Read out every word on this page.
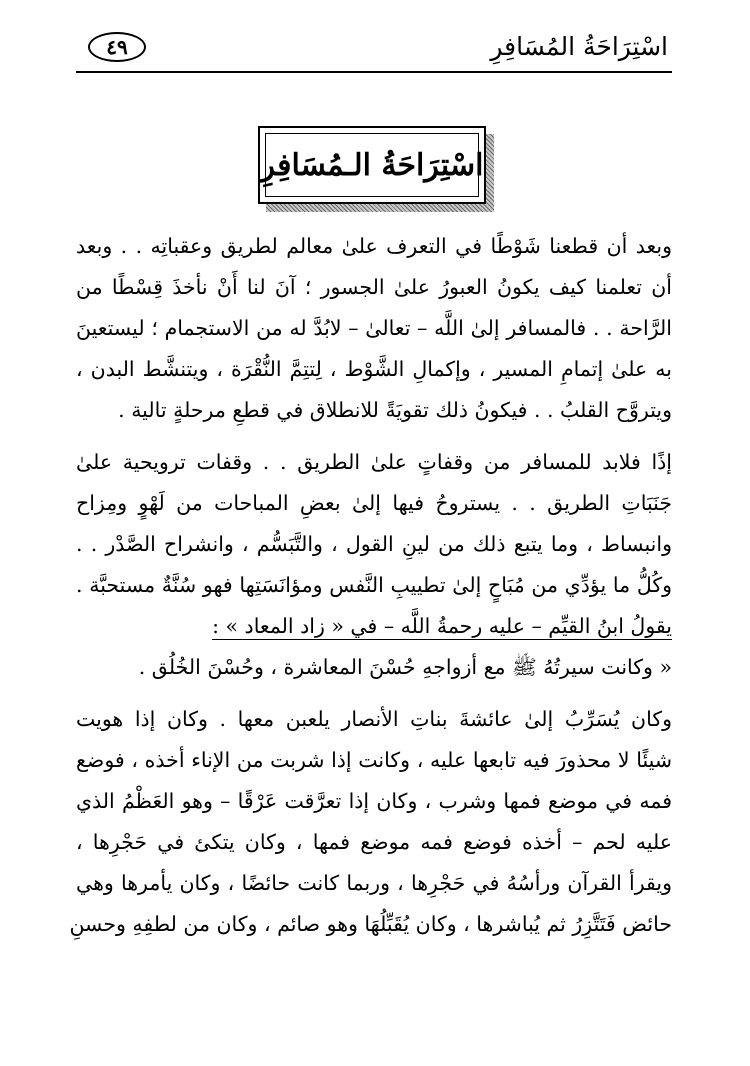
اسْتِرَاحَةُ المُسَافِرِ
٤٩
اسْتِرَاحَةُ الـمُسَافِرِ
وبعد أن قطعنا شَوْطًا في التعرف علىٰ معالم لطريق وعقباتِه . . وبعد
أن تعلمنا كيف يكونُ العبورُ علىٰ الجسور ؛ آنَ لنا أَنْ نأخذَ قِسْطًا من
الرَّاحة . . فالمسافر إلىٰ اللَّه – تعالىٰ – لابُدَّ له من الاستجمام ؛ ليستعينَ
به علىٰ إتمامِ المسير ، وإكمالِ الشَّوْط ، لِتتِمَّ النُّقْرَة ، ويتنشَّط البدن ،
ويتروَّح القلبُ . . فيكونُ ذلك تقويَةً للانطلاق في قطعِ مرحلةٍ تالية .
إذًا فلابد للمسافر من وقفاتٍ علىٰ الطريق . . وقفات ترويحية علىٰ
جَنَبَاتِ الطريق . . يستروحُ فيها إلىٰ بعضِ المباحات من لَهْوٍ ومِزاح
وانبساط ، وما يتبع ذلك من لينِ القول ، والتَّبَسُّم ، وانشراح الصَّدْر . .
وكُلُّ ما يؤدِّي من مُبَاحٍ إلىٰ تطييبِ النَّفس ومؤانَسَتِها فهو سُنَّةٌ مستحبَّة .
يقولُ ابنُ القيِّم – عليه رحمةُ اللَّه – في « زاد المعاد » :
« وكانت سيرتُهُ ﷺ مع أزواجهِ حُسْنَ المعاشرة ، وحُسْنَ الخُلُق .
وكان يُسَرِّبُ إلىٰ عائشةَ بناتِ الأنصار يلعبن معها . وكان إذا هويت
شيئًا لا محذورَ فيه تابعها عليه ، وكانت إذا شربت من الإناء أخذه ، فوضع
فمه في موضع فمها وشرب ، وكان إذا تعرَّقت عَرْقًا – وهو العَظْمُ الذي
عليه لحم – أخذه فوضع فمه موضع فمها ، وكان يتكئ في حَجْرِها ،
ويقرأ القرآن ورأسُهُ في حَجْرِها ، وربما كانت حائضًا ، وكان يأمرها وهي
حائض فَتَتَّزِرُ ثم يُباشرها ، وكان يُقَبِّلُهَا وهو صائم ، وكان من لطفِهِ وحسنِ
